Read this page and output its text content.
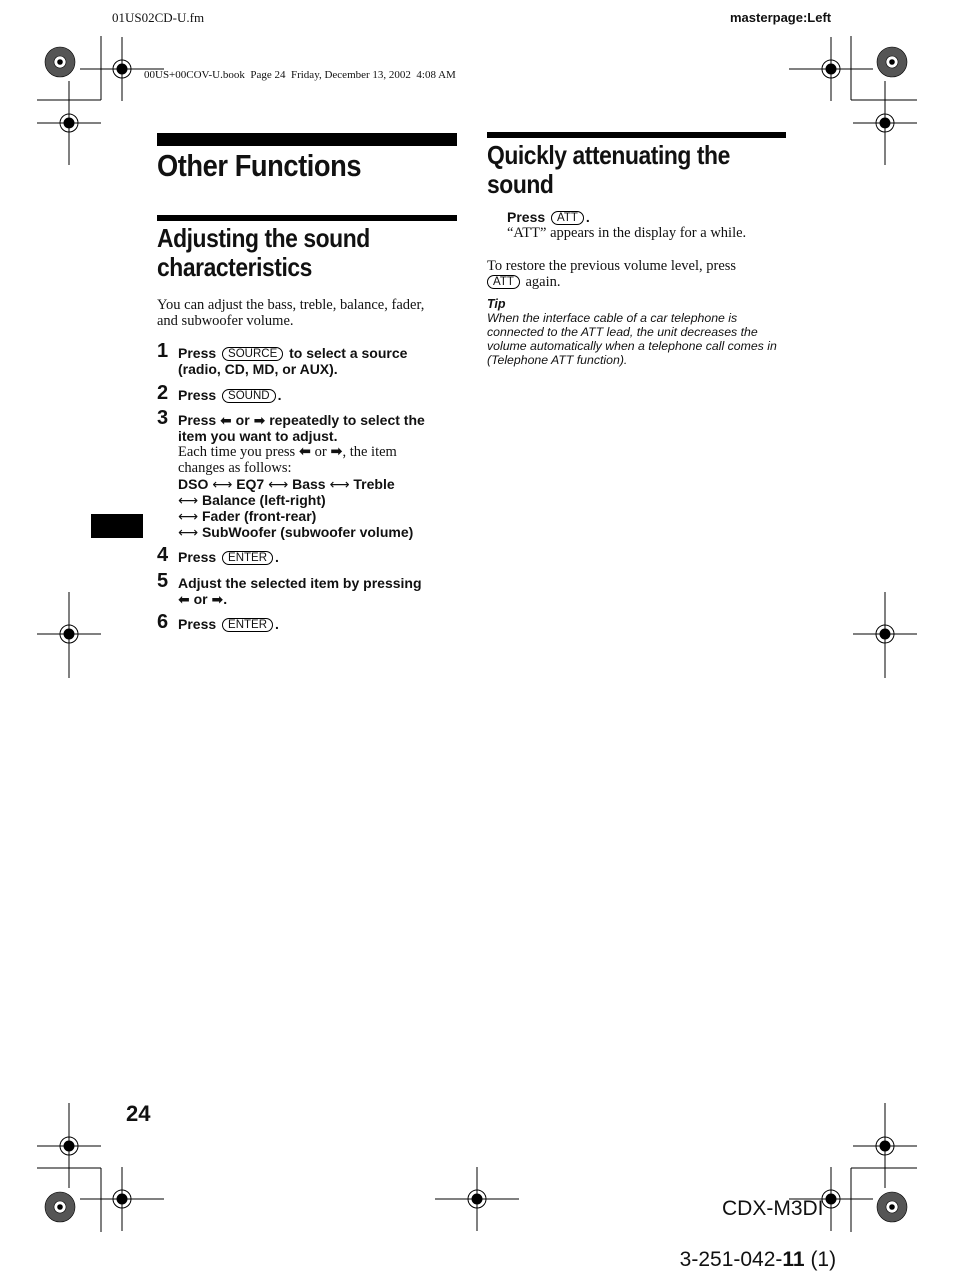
01US02CD-U.fm	masterpage:Left
00US+00COV-U.book  Page 24  Friday, December 13, 2002  4:08 AM
Other Functions
Adjusting the sound
characteristics
You can adjust the bass, treble, balance, fader,
and subwoofer volume.
1 Press SOURCE to select a source
(radio, CD, MD, or AUX).
2 Press SOUND .
3 Press ⬅ or ➡ repeatedly to select the
item you want to adjust.
Each time you press ⬅ or ➡, the item
changes as follows:
DSO ⟷ EQ7 ⟷ Bass ⟷ Treble
⟷ Balance (left-right)
⟷ Fader (front-rear)
⟷ SubWoofer (subwoofer volume)
4 Press ENTER .
5 Adjust the selected item by pressing
⬅ or ➡.
6 Press ENTER .
Quickly attenuating the
sound
Press ATT .
“ATT” appears in the display for a while.
To restore the previous volume level, press
ATT again.
Tip
When the interface cable of a car telephone is
connected to the ATT lead, the unit decreases the
volume automatically when a telephone call comes in
(Telephone ATT function).
24
CDX-M3DI

3-251-042-11 (1)
